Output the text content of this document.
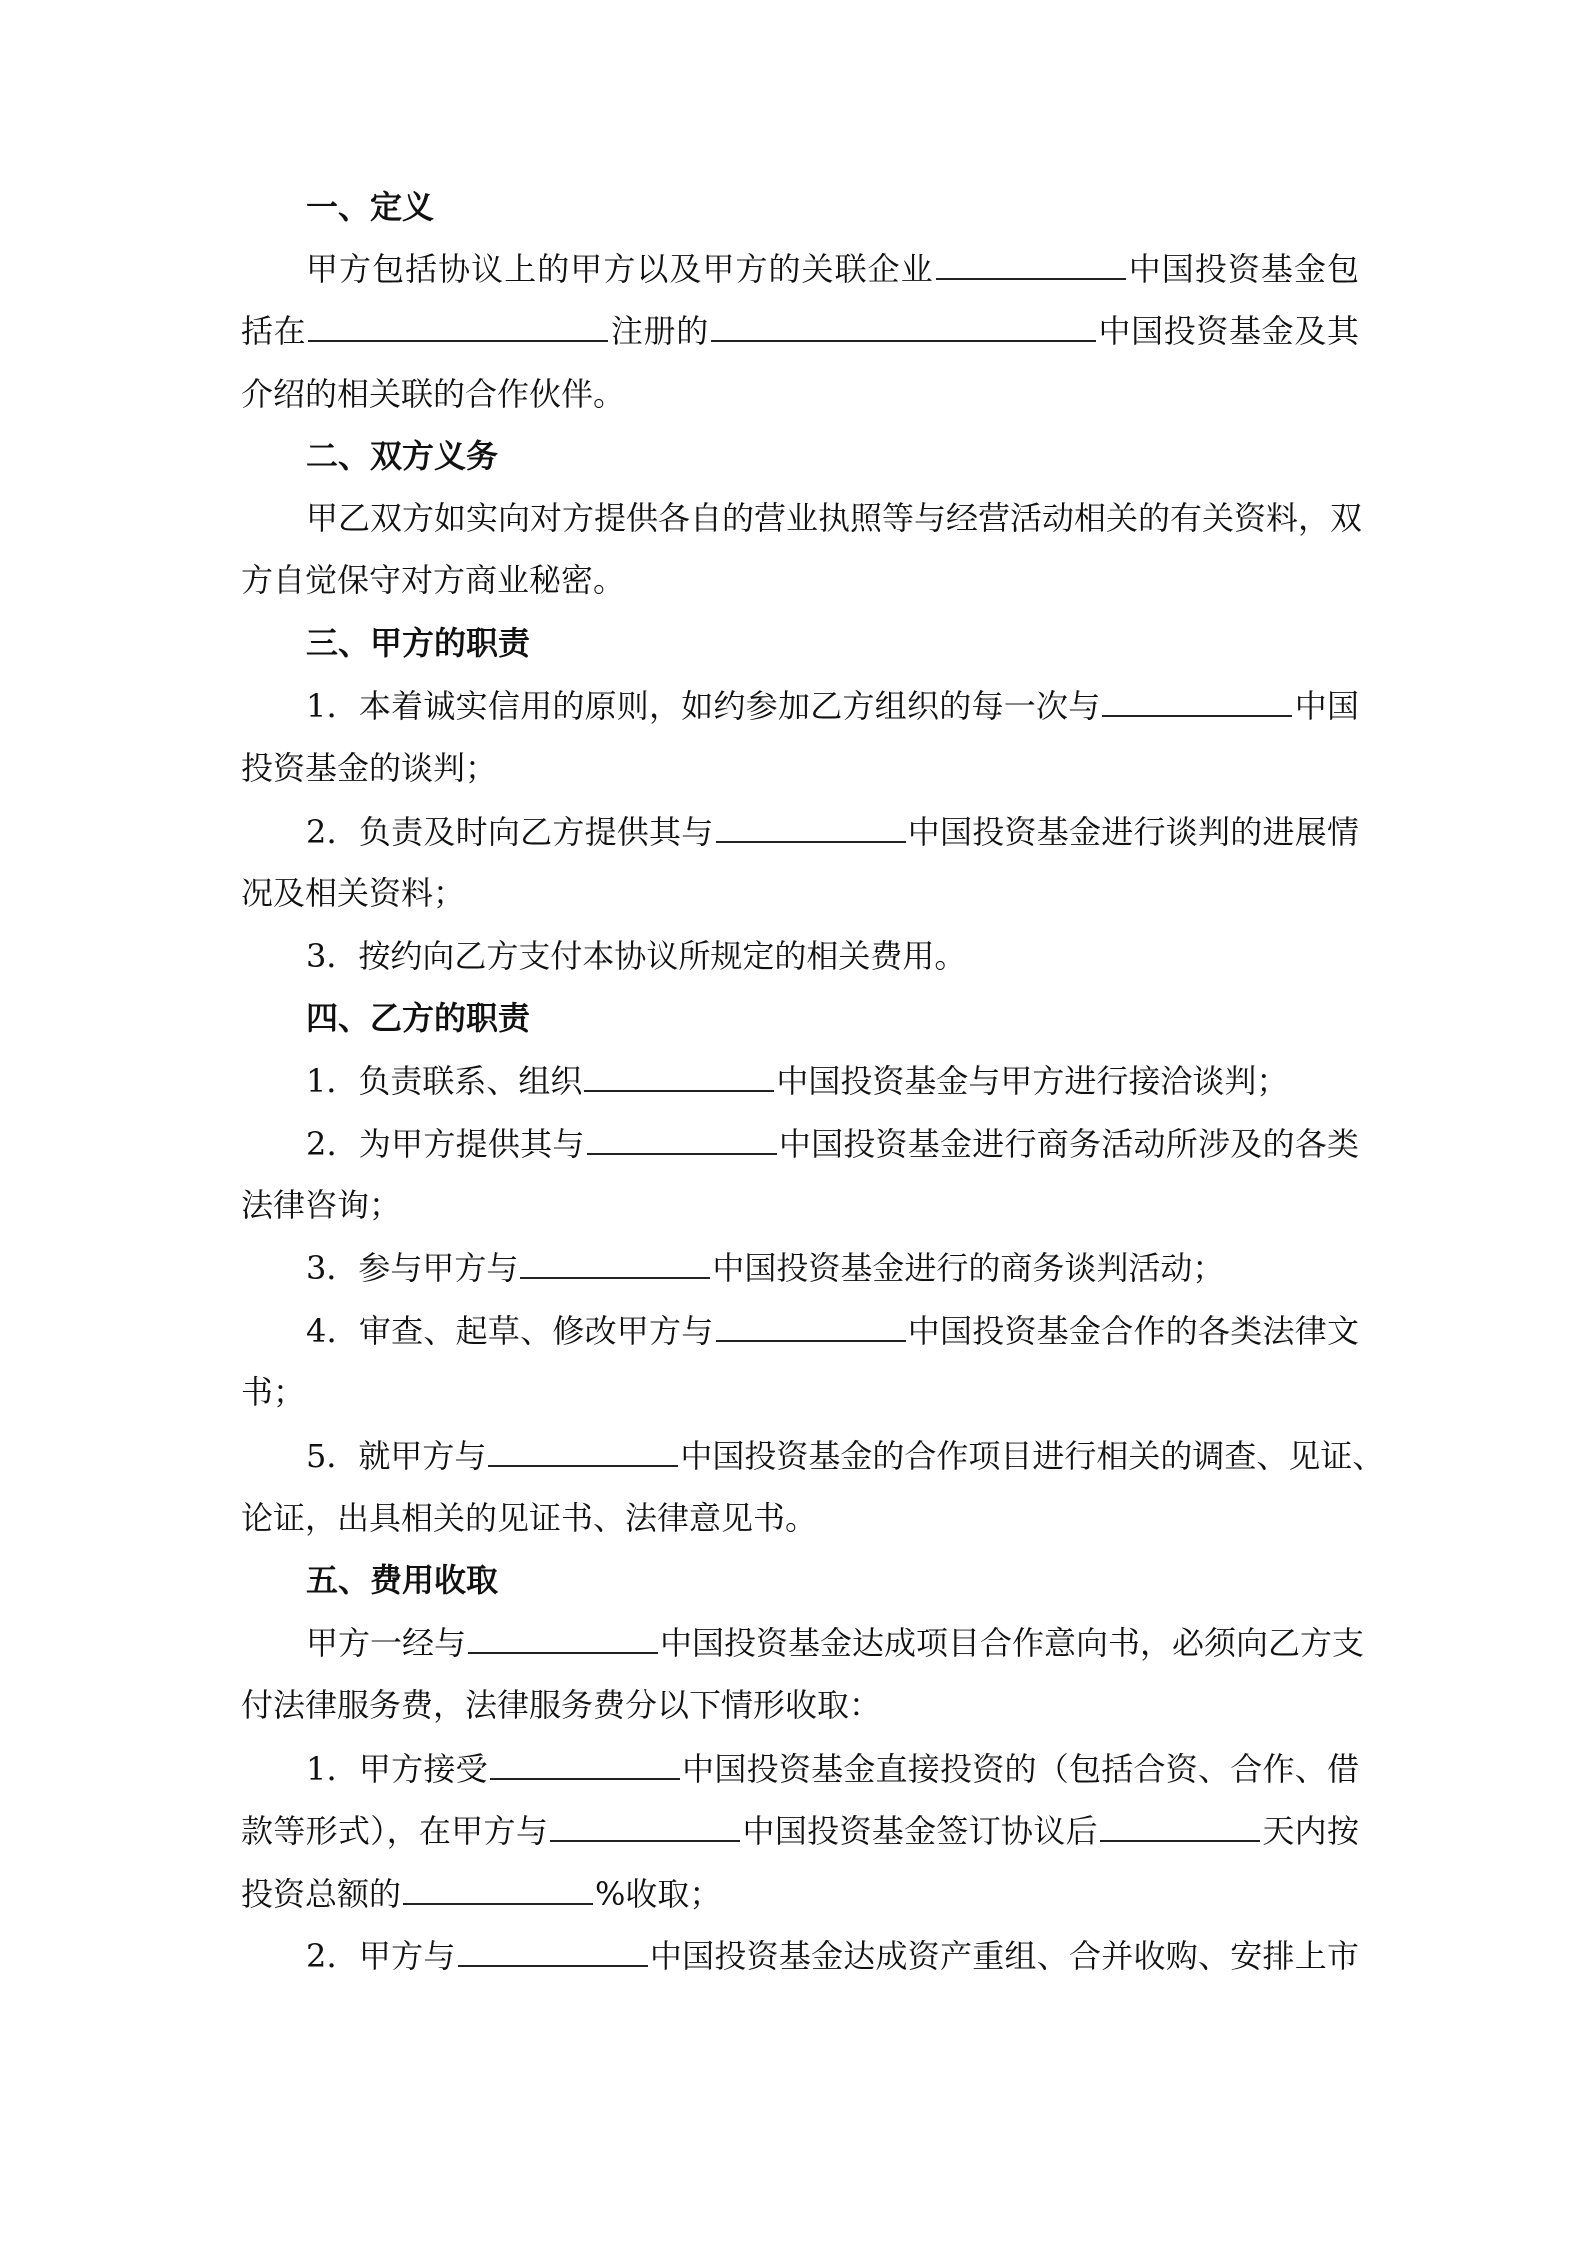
一、定义
甲方包括协议上的甲方以及甲方的关联企业	中国投资基金包
括在	注册的	中国投资基金及其
介绍的相关联的合作伙伴。
二、双方义务
甲乙双方如实向对方提供各自的营业执照等与经营活动相关的有关资料，双
方自觉保守对方商业秘密。
三、甲方的职责
1．本着诚实信用的原则，如约参加乙方组织的每一次与	中国
投资基金的谈判；
2．负责及时向乙方提供其与	中国投资基金进行谈判的进展情
况及相关资料；
3．按约向乙方支付本协议所规定的相关费用。
四、乙方的职责
1．负责联系、组织	中国投资基金与甲方进行接洽谈判；
2．为甲方提供其与	中国投资基金进行商务活动所涉及的各类
法律咨询；
3．参与甲方与	中国投资基金进行的商务谈判活动；
4．审查、起草、修改甲方与	中国投资基金合作的各类法律文
书；
5．就甲方与	中国投资基金的合作项目进行相关的调查、见证、
论证，出具相关的见证书、法律意见书。
五、费用收取
甲方一经与	中国投资基金达成项目合作意向书，必须向乙方支
付法律服务费，法律服务费分以下情形收取：
1．甲方接受	中国投资基金直接投资的（包括合资、合作、借
款等形式），在甲方与	中国投资基金签订协议后	天内按
投资总额的	%收取；
2．甲方与	中国投资基金达成资产重组、合并收购、安排上市
